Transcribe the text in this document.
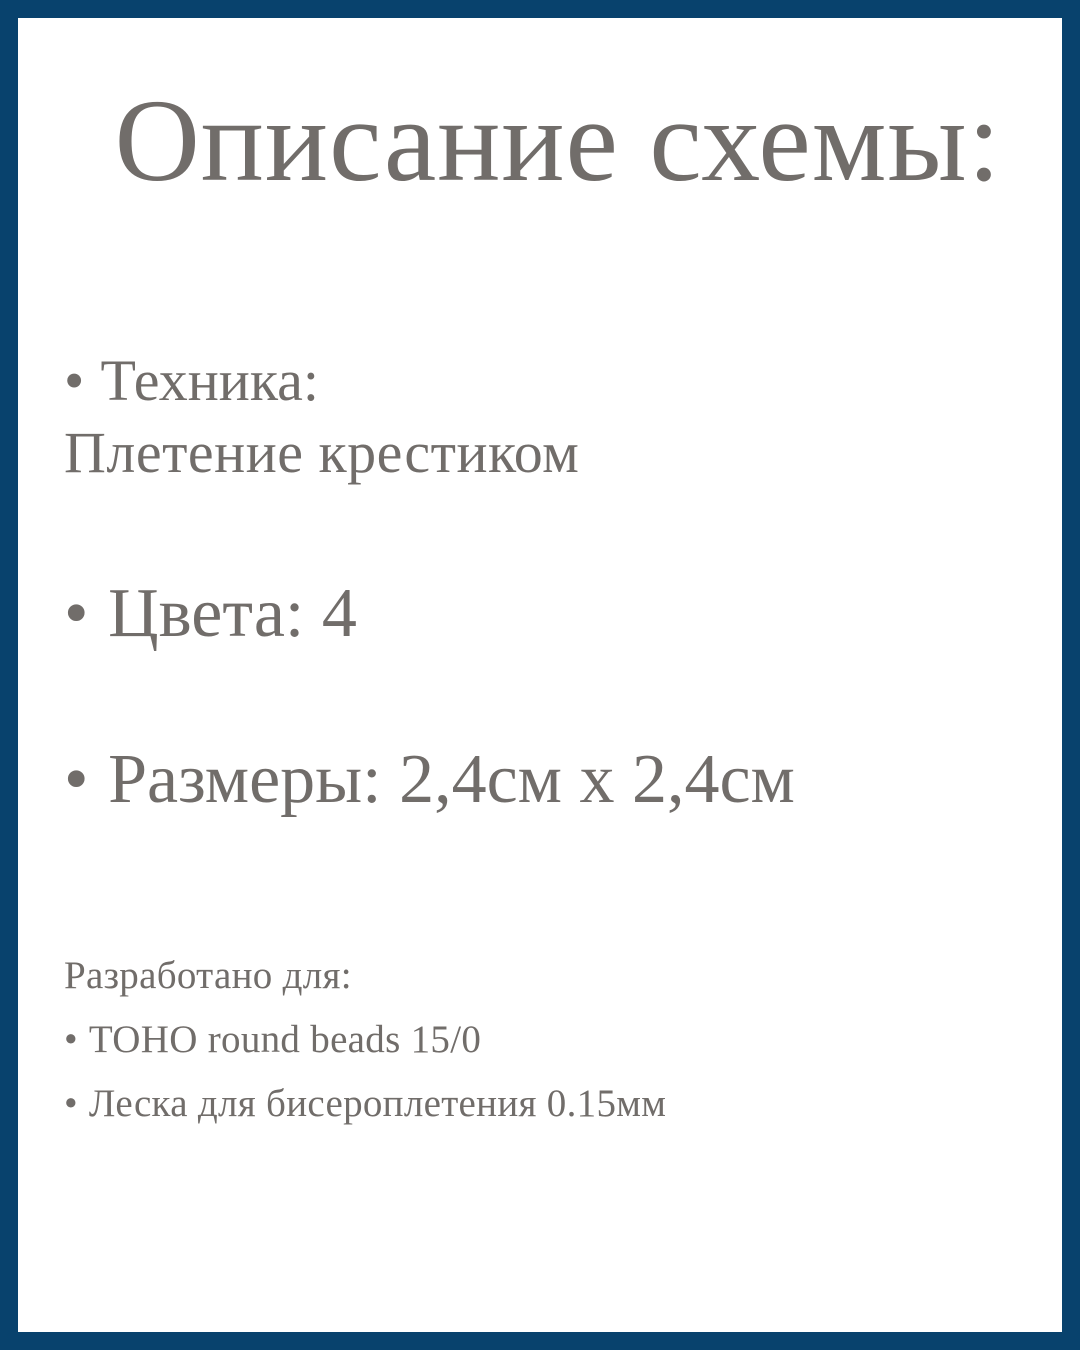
Описание схемы:
• Техника:
Плетение крестиком
• Цвета: 4
• Размеры: 2,4см х 2,4см
Разработано для:
• TOHO round beads 15/0
• Леска для бисероплетения 0.15мм
